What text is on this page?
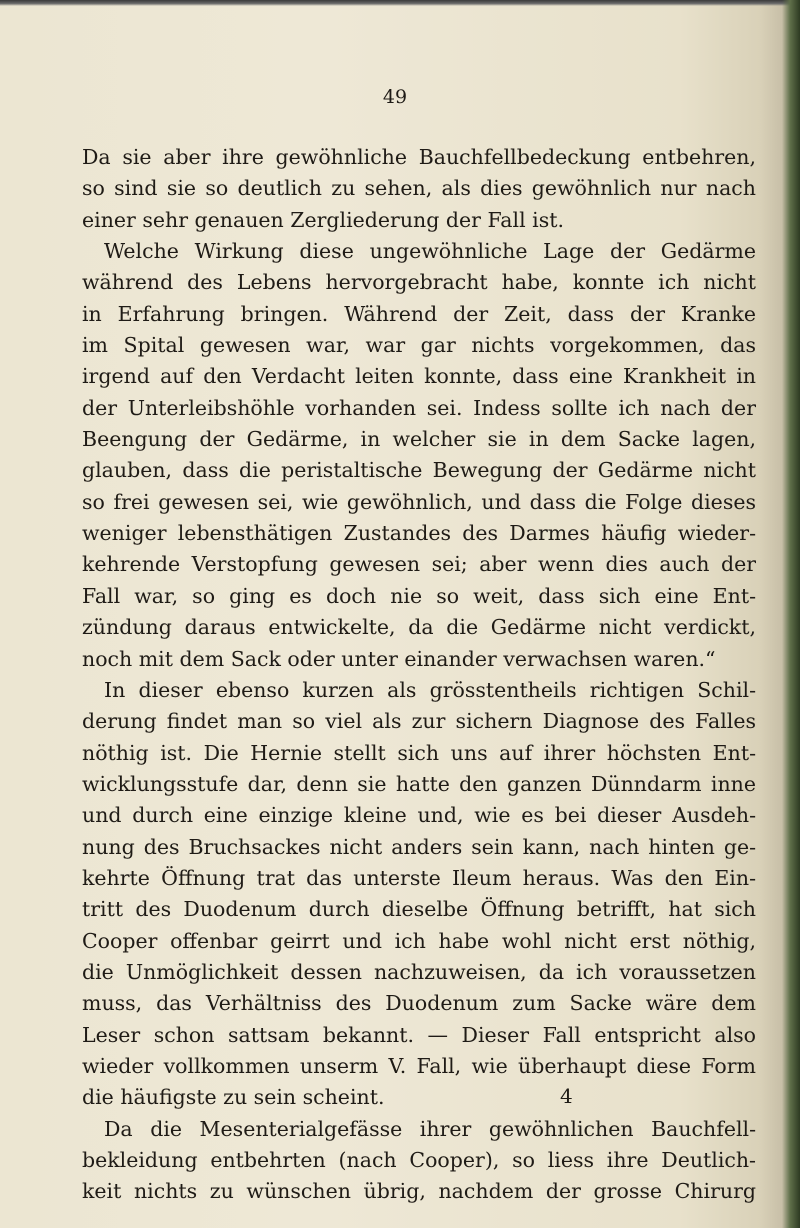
49
Da sie aber ihre gewöhnliche Bauchfellbedeckung entbehren,
so sind sie so deutlich zu sehen, als dies gewöhnlich nur nach
einer sehr genauen Zergliederung der Fall ist.
Welche Wirkung diese ungewöhnliche Lage der Gedärme
während des Lebens hervorgebracht habe, konnte ich nicht
in Erfahrung bringen. Während der Zeit, dass der Kranke
im Spital gewesen war, war gar nichts vorgekommen, das
irgend auf den Verdacht leiten konnte, dass eine Krankheit in
der Unterleibshöhle vorhanden sei. Indess sollte ich nach der
Beengung der Gedärme, in welcher sie in dem Sacke lagen,
glauben, dass die peristaltische Bewegung der Gedärme nicht
so frei gewesen sei, wie gewöhnlich, und dass die Folge dieses
weniger lebensthätigen Zustandes des Darmes häufig wieder-
kehrende Verstopfung gewesen sei; aber wenn dies auch der
Fall war, so ging es doch nie so weit, dass sich eine Ent-
zündung daraus entwickelte, da die Gedärme nicht verdickt,
noch mit dem Sack oder unter einander verwachsen waren.“
In dieser ebenso kurzen als grösstentheils richtigen Schil-
derung findet man so viel als zur sichern Diagnose des Falles
nöthig ist. Die Hernie stellt sich uns auf ihrer höchsten Ent-
wicklungsstufe dar, denn sie hatte den ganzen Dünndarm inne
und durch eine einzige kleine und, wie es bei dieser Ausdeh-
nung des Bruchsackes nicht anders sein kann, nach hinten ge-
kehrte Öffnung trat das unterste Ileum heraus. Was den Ein-
tritt des Duodenum durch dieselbe Öffnung betrifft, hat sich
Cooper offenbar geirrt und ich habe wohl nicht erst nöthig,
die Unmöglichkeit dessen nachzuweisen, da ich voraussetzen
muss, das Verhältniss des Duodenum zum Sacke wäre dem
Leser schon sattsam bekannt. — Dieser Fall entspricht also
wieder vollkommen unserm V. Fall, wie überhaupt diese Form
die häufigste zu sein scheint.
Da die Mesenterialgefässe ihrer gewöhnlichen Bauchfell-
bekleidung entbehrten (nach Cooper), so liess ihre Deutlich-
keit nichts zu wünschen übrig, nachdem der grosse Chirurg
4
